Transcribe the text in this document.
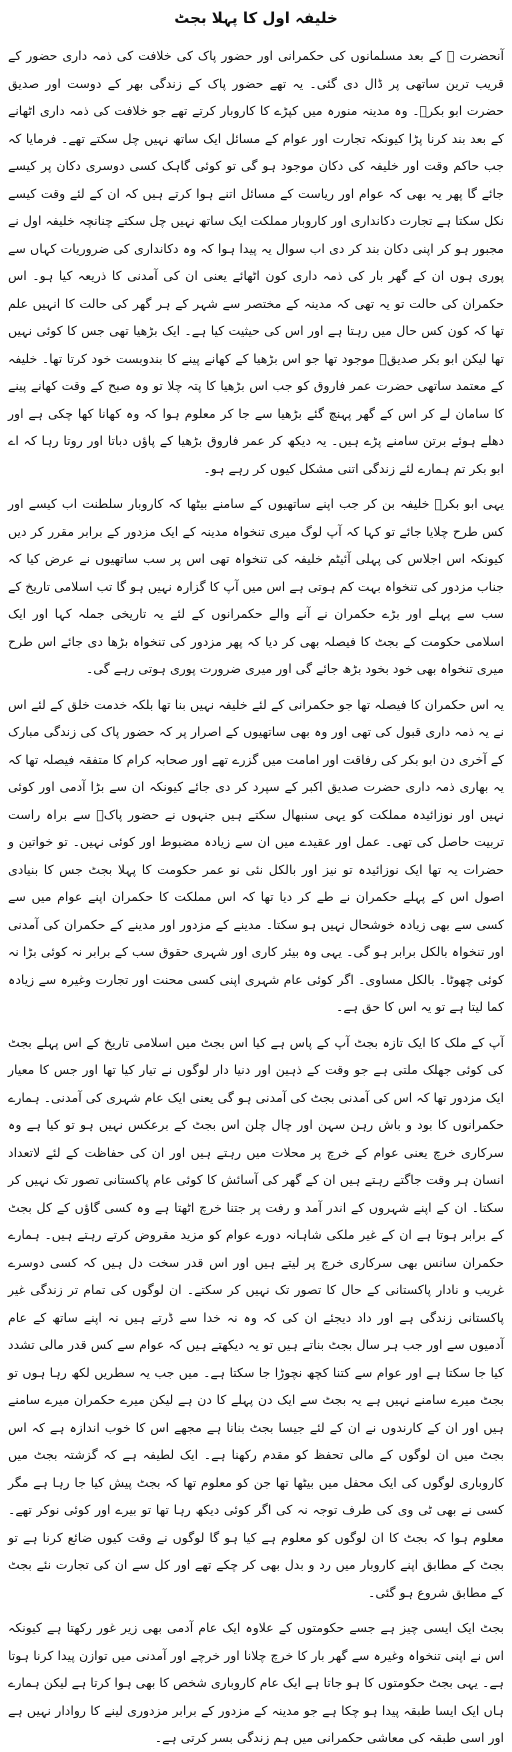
خلیفہ اول کا پہلا بجٹ

آنحضرت ﷺ کے بعد مسلمانوں کی حکمرانی اور حضور پاک کی خلافت کی ذمہ داری حضور کے قریب ترین ساتھی پر ڈال دی گئی۔ یہ تھے حضور پاک کے زندگی بھر کے دوست اور صدیق حضرت ابو بکرؓ۔ وہ مدینہ منورہ میں کپڑے کا کاروبار کرتے تھے جو خلافت کی ذمہ داری اٹھانے کے بعد بند کرنا پڑا کیونکہ تجارت اور عوام کے مسائل ایک ساتھ نہیں چل سکتے تھے۔ فرمایا کہ جب حاکم وقت اور خلیفہ کی دکان موجود ہو گی تو کوئی گاہک کسی دوسری دکان پر کیسے جائے گا پھر یہ بھی کہ عوام اور ریاست کے مسائل اتنے ہوا کرتے ہیں کہ ان کے لئے وقت کیسے نکل سکتا ہے تجارت دکانداری اور کاروبار مملکت ایک ساتھ نہیں چل سکتے چنانچہ خلیفہ اول نے مجبور ہو کر اپنی دکان بند کر دی اب سوال یہ پیدا ہوا کہ وہ دکانداری کی ضروریات کہاں سے پوری ہوں ان کے گھر بار کی ذمہ داری کون اٹھائے یعنی ان کی آمدنی کا ذریعہ کیا ہو۔ اس حکمران کی حالت تو یہ تھی کہ مدینہ کے مختصر سے شہر کے ہر گھر کی حالت کا انہیں علم تھا کہ کون کس حال میں رہتا ہے اور اس کی حیثیت کیا ہے۔ ایک بڑھیا تھی جس کا کوئی نہیں تھا لیکن ابو بکر صدیقؓ موجود تھا جو اس بڑھیا کے کھانے پینے کا بندوبست خود کرتا تھا۔ خلیفہ کے معتمد ساتھی حضرت عمر فاروق کو جب اس بڑھیا کا پتہ چلا تو وہ صبح کے وقت کھانے پینے کا سامان لے کر اس کے گھر پہنچ گئے بڑھیا سے جا کر معلوم ہوا کہ وہ کھانا کھا چکی ہے اور دھلے ہوئے برتن سامنے پڑے ہیں۔ یہ دیکھ کر عمر فاروق بڑھیا کے پاؤں دباتا اور روتا رہا کہ اے ابو بکر تم ہمارے لئے زندگی اتنی مشکل کیوں کر رہے ہو۔

یہی ابو بکرؓ خلیفہ بن کر جب اپنے ساتھیوں کے سامنے بیٹھا کہ کاروبار سلطنت اب کیسے اور کس طرح چلایا جائے تو کہا کہ آپ لوگ میری تنخواہ مدینہ کے ایک مزدور کے برابر مقرر کر دیں کیونکہ اس اجلاس کی پہلی آئیٹم خلیفہ کی تنخواہ تھی اس پر سب ساتھیوں نے عرض کیا کہ جناب مزدور کی تنخواہ بہت کم ہوتی ہے اس میں آپ کا گزارہ نہیں ہو گا تب اسلامی تاریخ کے سب سے پہلے اور بڑے حکمران نے آنے والے حکمرانوں کے لئے یہ تاریخی جملہ کہا اور ایک اسلامی حکومت کے بجٹ کا فیصلہ بھی کر دیا کہ پھر مزدور کی تنخواہ بڑھا دی جائے اس طرح میری تنخواہ بھی خود بخود بڑھ جائے گی اور میری ضرورت پوری ہوتی رہے گی۔

یہ اس حکمران کا فیصلہ تھا جو حکمرانی کے لئے خلیفہ نہیں بنا تھا بلکہ خدمت خلق کے لئے اس نے یہ ذمہ داری قبول کی تھی اور وہ بھی ساتھیوں کے اصرار پر کہ حضور پاک کی زندگی مبارک کے آخری دن ابو بکر کی رفاقت اور امامت میں گزرے تھے اور صحابہ کرام کا متفقہ فیصلہ تھا کہ یہ بھاری ذمہ داری حضرت صدیق اکبر کے سپرد کر دی جائے کیونکہ ان سے بڑا آدمی اور کوئی نہیں اور نوزائیدہ مملکت کو یہی سنبھال سکتے ہیں جنہوں نے حضور پاکؐ سے براہ راست تربیت حاصل کی تھی۔ عمل اور عقیدے میں ان سے زیادہ مضبوط اور کوئی نہیں۔ تو خواتین و حضرات یہ تھا ایک نوزائیدہ تو نیز اور بالکل نئی نو عمر حکومت کا پہلا بجٹ جس کا بنیادی اصول اس کے پہلے حکمران نے طے کر دیا تھا کہ اس مملکت کا حکمران اپنے عوام میں سے کسی سے بھی زیادہ خوشحال نہیں ہو سکتا۔ مدینے کے مزدور اور مدینے کے حکمران کی آمدنی اور تنخواہ بالکل برابر ہو گی۔ یہی وہ بیئر کاری اور شہری حقوق سب کے برابر نہ کوئی بڑا نہ کوئی چھوٹا۔ بالکل مساوی۔ اگر کوئی عام شہری اپنی کسی محنت اور تجارت وغیرہ سے زیادہ کما لیتا ہے تو یہ اس کا حق ہے۔

آپ کے ملک کا ایک تازہ بجٹ آپ کے پاس ہے کیا اس بجٹ میں اسلامی تاریخ کے اس پہلے بجٹ کی کوئی جھلک ملتی ہے جو وقت کے ذہین اور دنیا دار لوگوں نے تیار کیا تھا اور جس کا معیار ایک مزدور تھا کہ اس کی آمدنی بجٹ کی آمدنی ہو گی یعنی ایک عام شہری کی آمدنی۔ ہمارے حکمرانوں کا بود و باش رہن سہن اور چال چلن اس بجٹ کے برعکس نہیں ہو تو کیا ہے وہ سرکاری خرچ یعنی عوام کے خرچ پر محلات میں رہتے ہیں اور ان کی حفاظت کے لئے لاتعداد انسان ہر وقت جاگتے رہتے ہیں ان کے گھر کی آسائش کا کوئی عام پاکستانی تصور تک نہیں کر سکتا۔ ان کے اپنے شہروں کے اندر آمد و رفت پر جتنا خرچ اٹھتا ہے وہ کسی گاؤں کے کل بجٹ کے برابر ہوتا ہے ان کے غیر ملکی شاہانہ دورے عوام کو مزید مقروض کرتے رہتے ہیں۔ ہمارے حکمران سانس بھی سرکاری خرچ پر لیتے ہیں اور اس قدر سخت دل ہیں کہ کسی دوسرے غریب و نادار پاکستانی کے حال کا تصور تک نہیں کر سکتے۔ ان لوگوں کی تمام تر زندگی غیر پاکستانی زندگی ہے اور داد دیجئے ان کی کہ وہ نہ خدا سے ڈرتے ہیں نہ اپنے ساتھ کے عام آدمیوں سے اور جب ہر سال بجٹ بناتے ہیں تو یہ دیکھتے ہیں کہ عوام سے کس قدر مالی تشدد کیا جا سکتا ہے اور عوام سے کتنا کچھ نچوڑا جا سکتا ہے۔ میں جب یہ سطریں لکھ رہا ہوں تو بجٹ میرے سامنے نہیں ہے یہ بجٹ سے ایک دن پہلے کا دن ہے لیکن میرے حکمران میرے سامنے ہیں اور ان کے کارندوں نے ان کے لئے جیسا بجٹ بنانا ہے مجھے اس کا خوب اندازہ ہے کہ اس بجٹ میں ان لوگوں کے مالی تحفظ کو مقدم رکھنا ہے۔ ایک لطیفہ ہے کہ گزشتہ بجٹ میں کاروباری لوگوں کی ایک محفل میں بیٹھا تھا جن کو معلوم تھا کہ بجٹ پیش کیا جا رہا ہے مگر کسی نے بھی ٹی وی کی طرف توجہ نہ کی اگر کوئی دیکھ رہا تھا تو بیرے اور کوئی نوکر تھے۔ معلوم ہوا کہ بجٹ کا ان لوگوں کو معلوم ہے کیا ہو گا لوگوں نے وقت کیوں ضائع کرنا ہے تو بجٹ کے مطابق اپنے کاروبار میں رد و بدل بھی کر چکے تھے اور کل سے ان کی تجارت نئے بجٹ کے مطابق شروع ہو گئی۔

بجٹ ایک ایسی چیز ہے جسے حکومتوں کے علاوہ ایک عام آدمی بھی زیر غور رکھتا ہے کیونکہ اس نے اپنی تنخواہ وغیرہ سے گھر بار کا خرچ چلانا اور خرچے اور آمدنی میں توازن پیدا کرنا ہوتا ہے۔ یہی بجٹ حکومتوں کا ہو جاتا ہے ایک عام کاروباری شخص کا بھی ہوا کرتا ہے لیکن ہمارے ہاں ایک ایسا طبقہ پیدا ہو چکا ہے جو مدینہ کے مزدور کے برابر مزدوری لینے کا روادار نہیں ہے اور اسی طبقہ کی معاشی حکمرانی میں ہم زندگی بسر کرتی ہے۔
